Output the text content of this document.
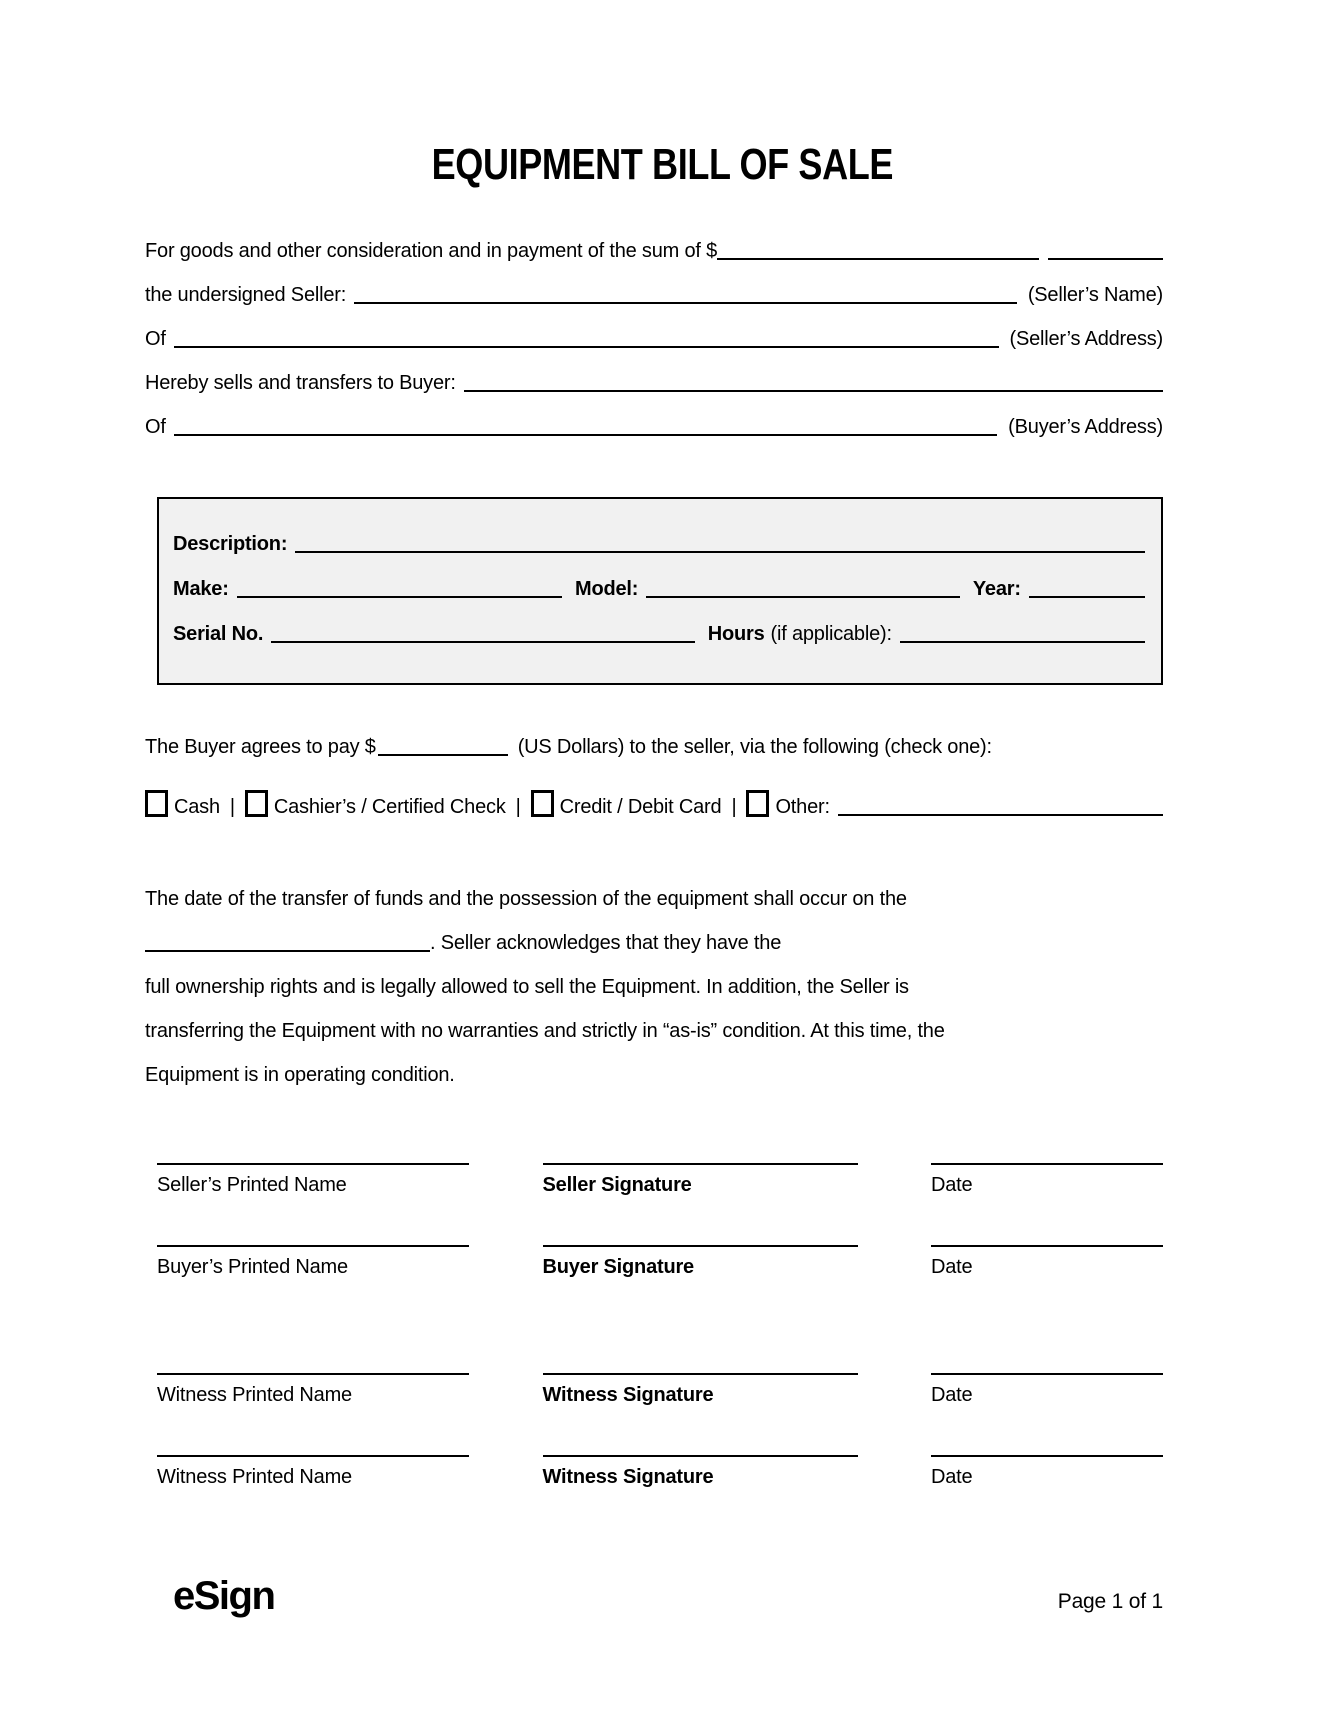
EQUIPMENT BILL OF SALE
For goods and other consideration and in payment of the sum of $
the undersigned Seller:	(Seller’s Name)
Of	(Seller’s Address)
Hereby sells and transfers to Buyer:
Of	(Buyer’s Address)
Description:
Make:	Model:	Year:
Serial No.	Hours (if applicable):
The Buyer agrees to pay $	(US Dollars) to the seller, via the following (check one):
Cash | Cashier’s / Certified Check | Credit / Debit Card | Other:
The date of the transfer of funds and the possession of the equipment shall occur on the
. Seller acknowledges that they have the
full ownership rights and is legally allowed to sell the Equipment. In addition, the Seller is
transferring the Equipment with no warranties and strictly in “as-is” condition. At this time, the
Equipment is in operating condition.
Seller’s Printed Name	Seller Signature	Date
Buyer’s Printed Name	Buyer Signature	Date
Witness Printed Name	Witness Signature	Date
Witness Printed Name	Witness Signature	Date
eSign	Page 1 of 1
